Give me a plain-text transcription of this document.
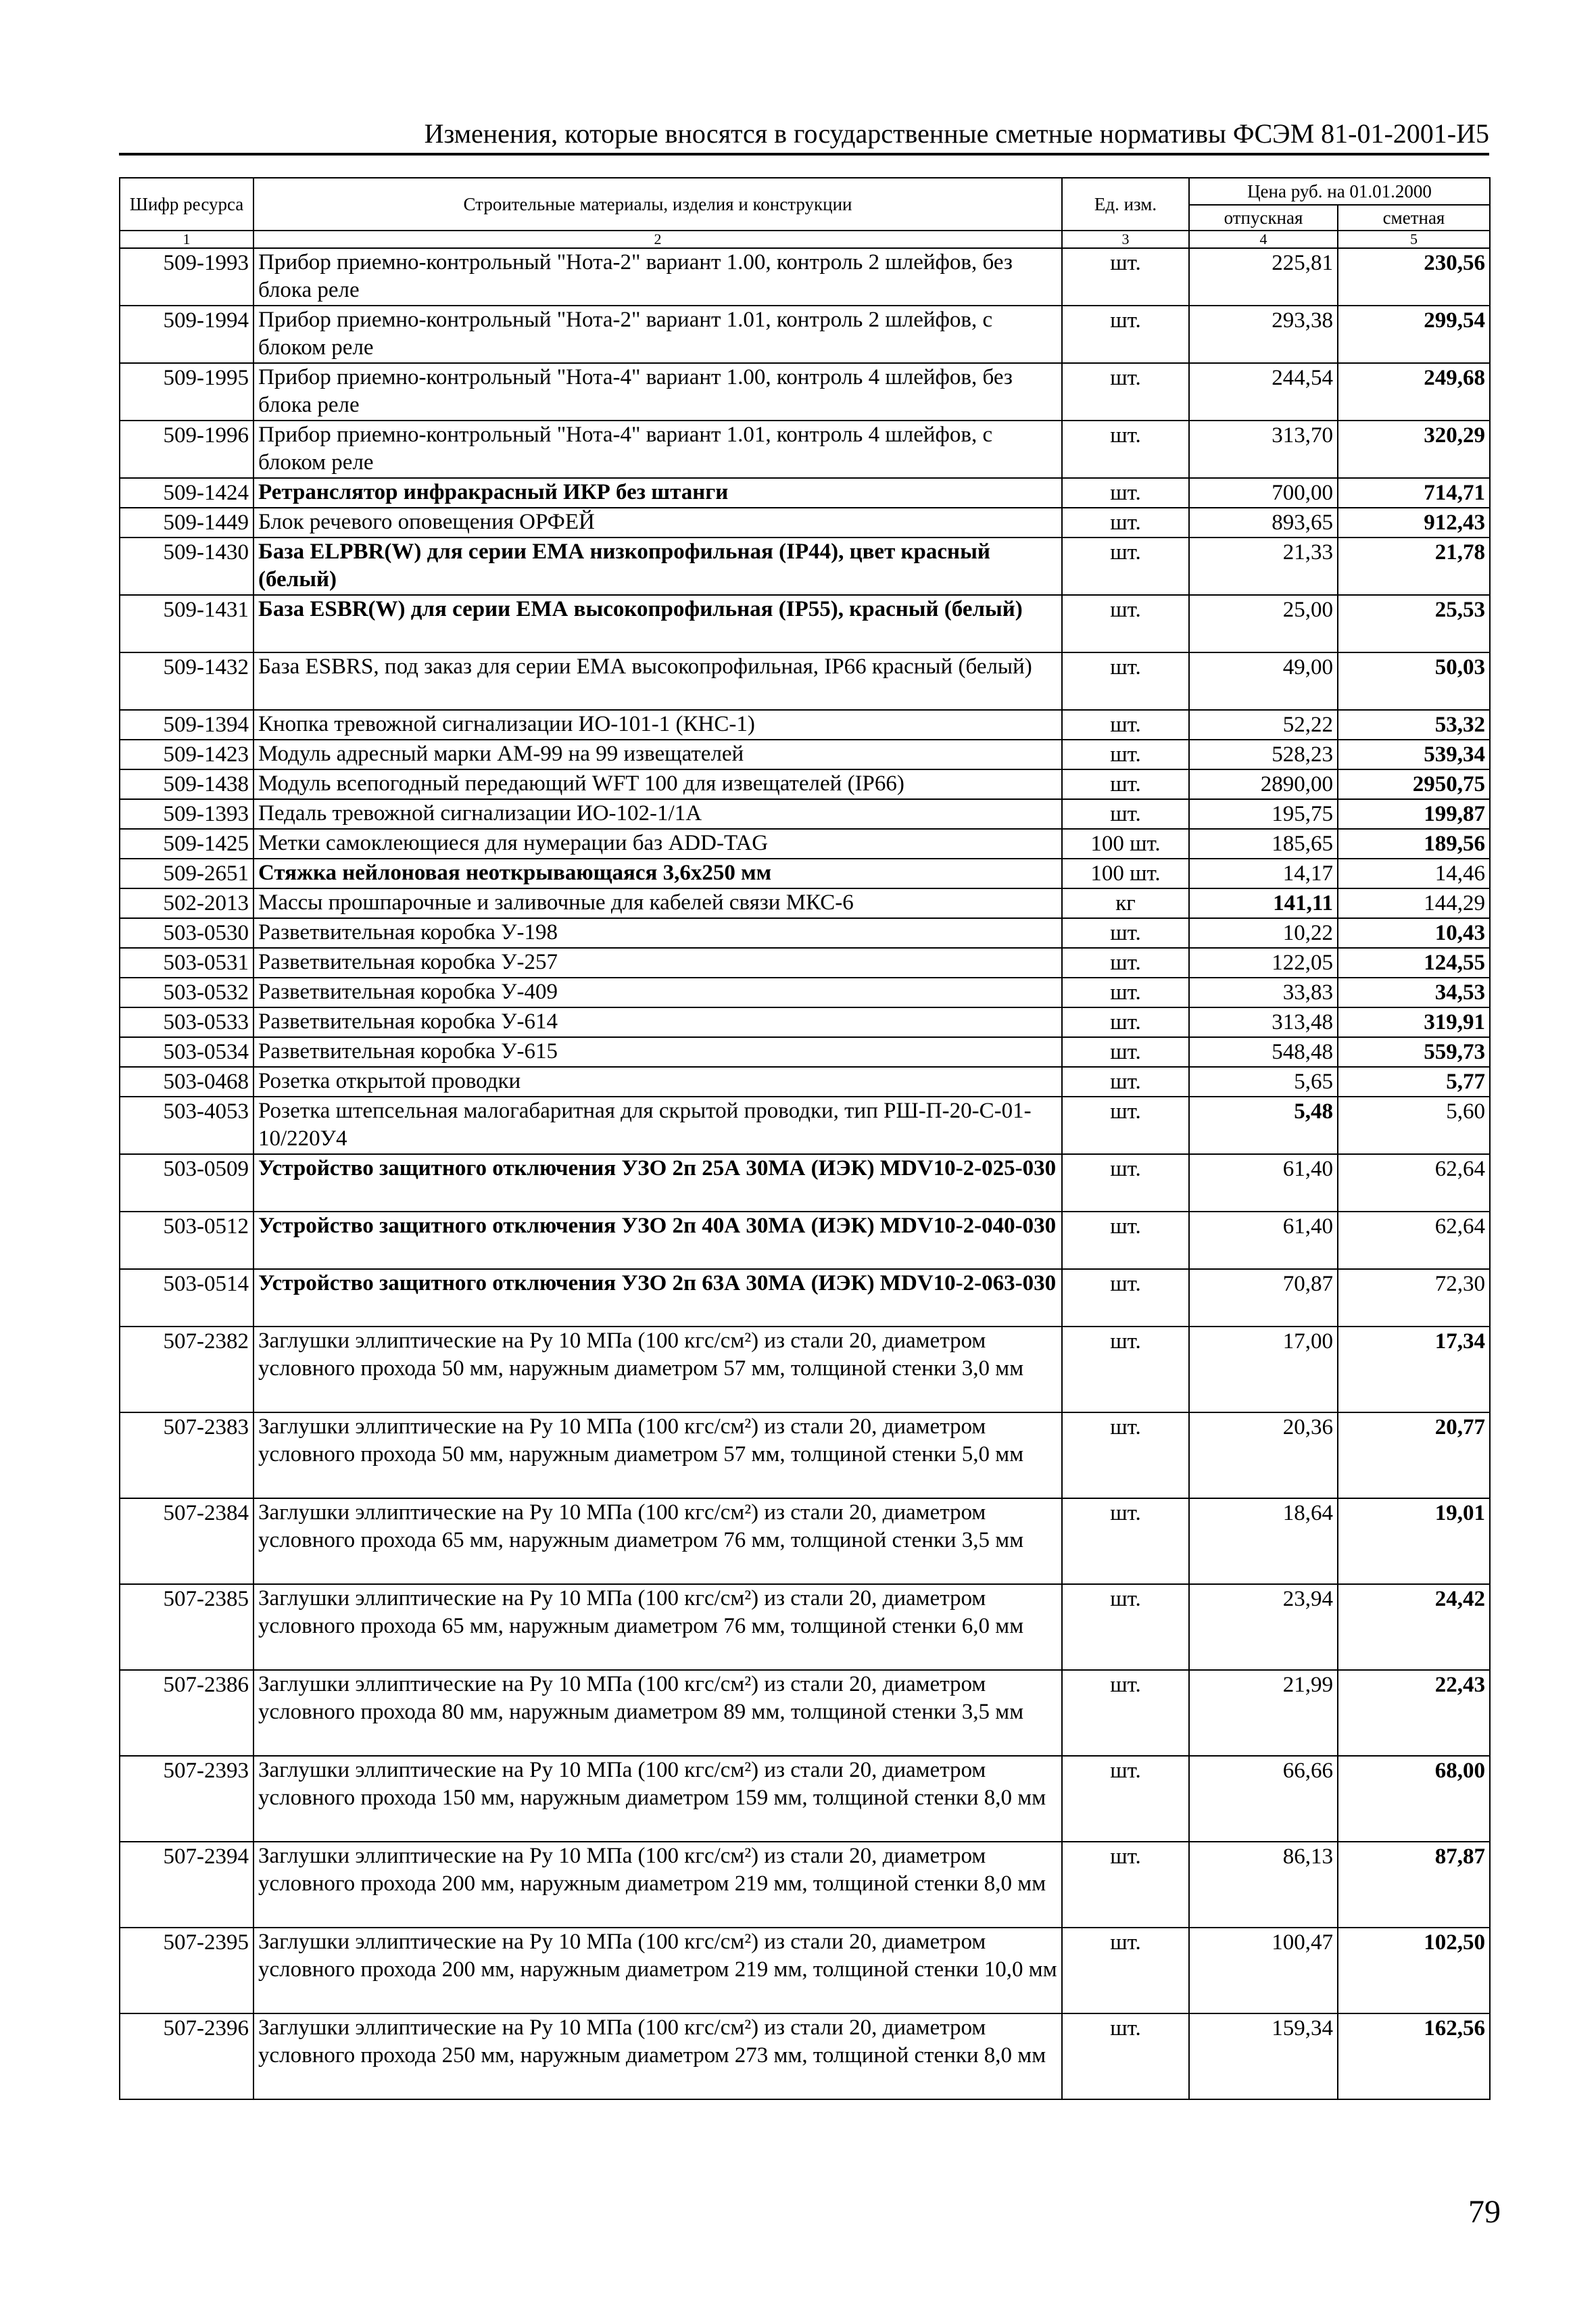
Изменения, которые вносятся в государственные сметные нормативы ФСЭМ 81-01-2001-И5
Шифр ресурса	Строительные материалы, изделия и конструкции	Ед. изм.	Цена руб. на 01.01.2000	
			отпускная	сметная
1	2	3	4	5
509-1993	Прибор приемно-контрольный "Нота-2" вариант 1.00, контроль 2 шлейфов, без блока реле	шт.	225,81	230,56
509-1994	Прибор приемно-контрольный "Нота-2" вариант 1.01, контроль 2 шлейфов, с блоком реле	шт.	293,38	299,54
509-1995	Прибор приемно-контрольный "Нота-4" вариант 1.00, контроль 4 шлейфов, без блока реле	шт.	244,54	249,68
509-1996	Прибор приемно-контрольный "Нота-4" вариант 1.01, контроль 4 шлейфов, с блоком реле	шт.	313,70	320,29
509-1424	Ретранслятор инфракрасный ИКР без штанги	шт.	700,00	714,71
509-1449	Блок речевого оповещения ОРФЕЙ	шт.	893,65	912,43
509-1430	База ELPBR(W) для серии ЕМА низкопрофильная (IP44), цвет красный (белый)	шт.	21,33	21,78
509-1431	База ESBR(W) для серии ЕМА высокопрофильная (IP55), красный (белый)	шт.	25,00	25,53
509-1432	База ESBRS, под заказ для серии ЕМА высокопрофильная, IP66 красный (белый)	шт.	49,00	50,03
509-1394	Кнопка тревожной сигнализации ИО-101-1 (КНС-1)	шт.	52,22	53,32
509-1423	Модуль адресный марки АМ-99 на 99 извещателей	шт.	528,23	539,34
509-1438	Модуль всепогодный передающий WFT 100 для извещателей (IP66)	шт.	2890,00	2950,75
509-1393	Педаль тревожной сигнализации ИО-102-1/1А	шт.	195,75	199,87
509-1425	Метки самоклеющиеся для нумерации баз ADD-TAG	100 шт.	185,65	189,56
509-2651	Стяжка нейлоновая неоткрывающаяся 3,6х250 мм	100 шт.	14,17	14,46
502-2013	Массы прошпарочные и заливочные для кабелей связи МКС-6	кг	141,11	144,29
503-0530	Разветвительная коробка У-198	шт.	10,22	10,43
503-0531	Разветвительная коробка У-257	шт.	122,05	124,55
503-0532	Разветвительная коробка У-409	шт.	33,83	34,53
503-0533	Разветвительная коробка У-614	шт.	313,48	319,91
503-0534	Разветвительная коробка У-615	шт.	548,48	559,73
503-0468	Розетка открытой проводки	шт.	5,65	5,77
503-4053	Розетка штепсельная малогабаритная для скрытой проводки, тип РШ-П-20-С-01-10/220У4	шт.	5,48	5,60
503-0509	Устройство защитного отключения УЗО 2п 25А 30МА (ИЭК) MDV10-2-025-030	шт.	61,40	62,64
503-0512	Устройство защитного отключения УЗО 2п 40А 30МА (ИЭК) MDV10-2-040-030	шт.	61,40	62,64
503-0514	Устройство защитного отключения УЗО 2п 63А 30МА (ИЭК) MDV10-2-063-030	шт.	70,87	72,30
507-2382	Заглушки эллиптические на Ру 10 МПа (100 кгс/см²) из стали 20, диаметром условного прохода 50 мм, наружным диаметром 57 мм, толщиной стенки 3,0 мм	шт.	17,00	17,34
507-2383	Заглушки эллиптические на Ру 10 МПа (100 кгс/см²) из стали 20, диаметром условного прохода 50 мм, наружным диаметром 57 мм, толщиной стенки 5,0 мм	шт.	20,36	20,77
507-2384	Заглушки эллиптические на Ру 10 МПа (100 кгс/см²) из стали 20, диаметром условного прохода 65 мм, наружным диаметром 76 мм, толщиной стенки 3,5 мм	шт.	18,64	19,01
507-2385	Заглушки эллиптические на Ру 10 МПа (100 кгс/см²) из стали 20, диаметром условного прохода 65 мм, наружным диаметром 76 мм, толщиной стенки 6,0 мм	шт.	23,94	24,42
507-2386	Заглушки эллиптические на Ру 10 МПа (100 кгс/см²) из стали 20, диаметром условного прохода 80 мм, наружным диаметром 89 мм, толщиной стенки 3,5 мм	шт.	21,99	22,43
507-2393	Заглушки эллиптические на Ру 10 МПа (100 кгс/см²) из стали 20, диаметром условного прохода 150 мм, наружным диаметром 159 мм, толщиной стенки 8,0 мм	шт.	66,66	68,00
507-2394	Заглушки эллиптические на Ру 10 МПа (100 кгс/см²) из стали 20, диаметром условного прохода 200 мм, наружным диаметром 219 мм, толщиной стенки 8,0 мм	шт.	86,13	87,87
507-2395	Заглушки эллиптические на Ру 10 МПа (100 кгс/см²) из стали 20, диаметром условного прохода 200 мм, наружным диаметром 219 мм, толщиной стенки 10,0 мм	шт.	100,47	102,50
507-2396	Заглушки эллиптические на Ру 10 МПа (100 кгс/см²) из стали 20, диаметром условного прохода 250 мм, наружным диаметром 273 мм, толщиной стенки 8,0 мм	шт.	159,34	162,56
79
